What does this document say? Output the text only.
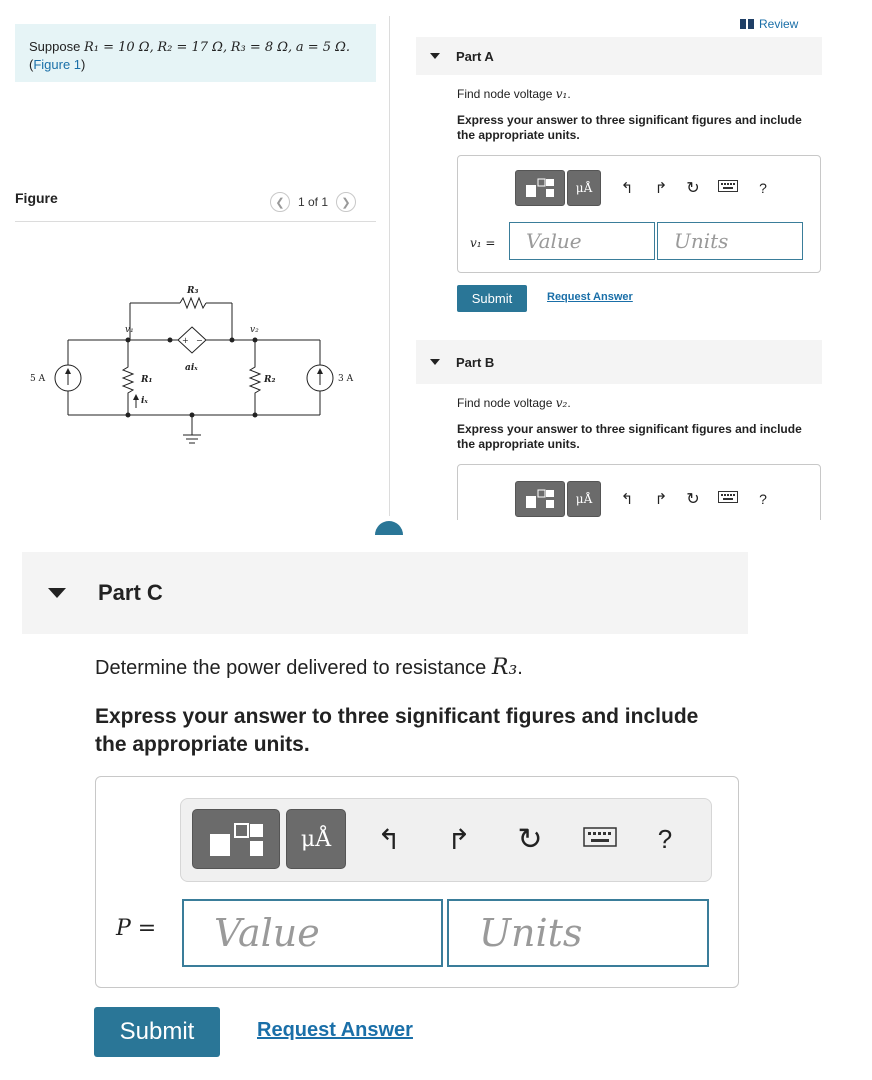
Suppose R₁ = 10 Ω, R₂ = 17 Ω, R₃ = 8 Ω, a = 5 Ω.
(Figure 1)
Figure	❮	1 of 1	❯
5 A	3 A
v₁	v₂
R₃
R₁	R₂
iₓ
aiₓ
+ −
Review
Part A
Find node voltage v₁.
Express your answer to three significant figures and include the appropriate units.
μÅ	↰ ↱ ↻	?
v₁ =	Value	Units
Submit	Request Answer
Part B
Find node voltage v₂.
Express your answer to three significant figures and include the appropriate units.
μÅ	↰ ↱ ↻	?
Part C
Determine the power delivered to resistance R₃.
Express your answer to three significant figures and include the appropriate units.
μÅ	↰ ↱ ↻	?
P =	Value	Units
Submit	Request Answer
